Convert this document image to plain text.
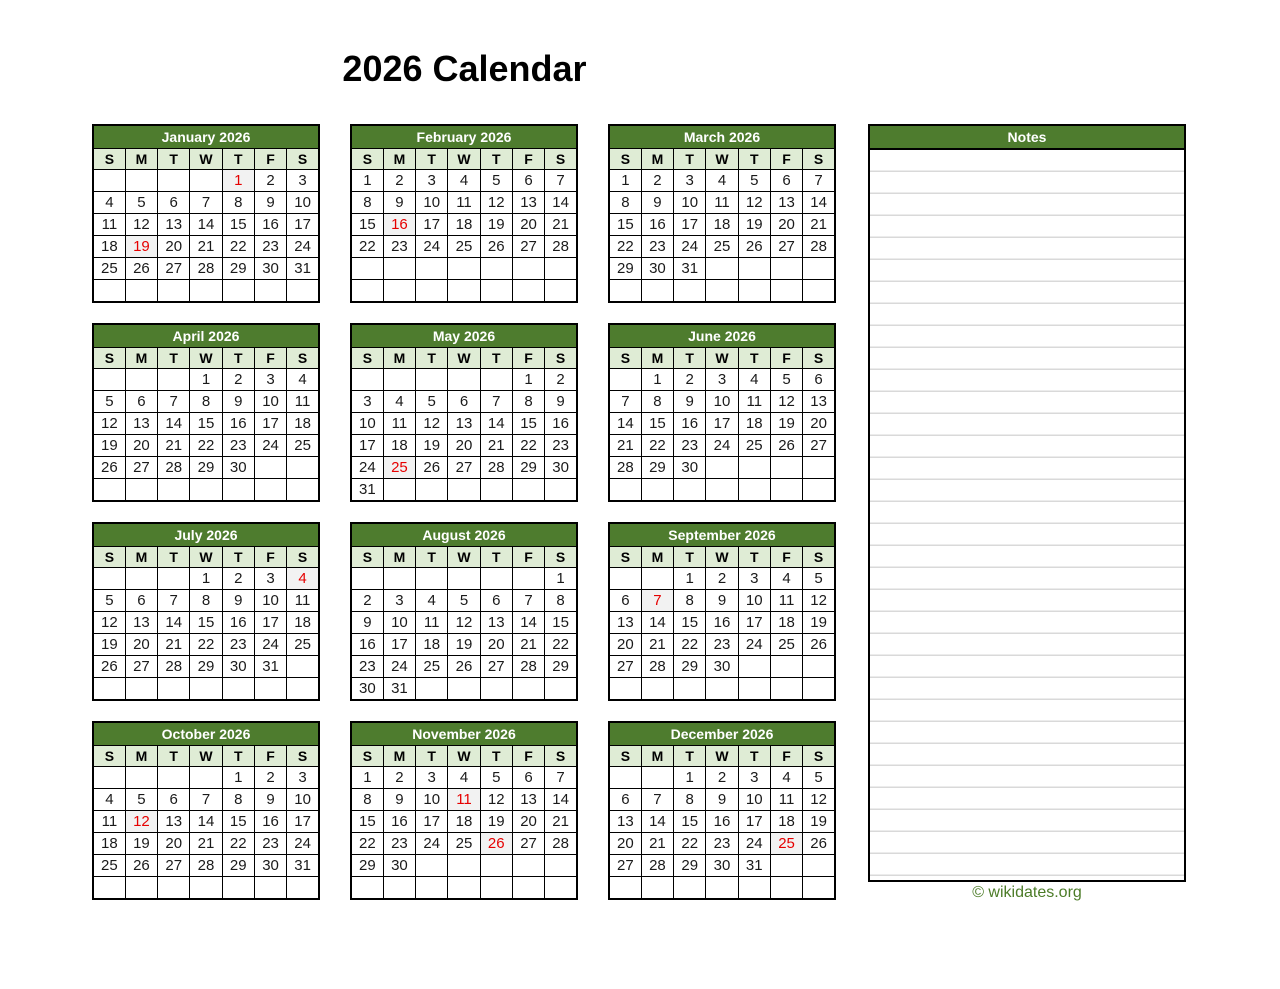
2026 Calendar
January 2026						
S	M	T	W	T	F	S
				1	2	3
4	5	6	7	8	9	10
11	12	13	14	15	16	17
18	19	20	21	22	23	24
25	26	27	28	29	30	31

February 2026						
S	M	T	W	T	F	S
1	2	3	4	5	6	7
8	9	10	11	12	13	14
15	16	17	18	19	20	21
22	23	24	25	26	27	28

March 2026						
S	M	T	W	T	F	S
1	2	3	4	5	6	7
8	9	10	11	12	13	14
15	16	17	18	19	20	21
22	23	24	25	26	27	28
29	30	31				

April 2026						
S	M	T	W	T	F	S
			1	2	3	4
5	6	7	8	9	10	11
12	13	14	15	16	17	18
19	20	21	22	23	24	25
26	27	28	29	30		

May 2026						
S	M	T	W	T	F	S
					1	2
3	4	5	6	7	8	9
10	11	12	13	14	15	16
17	18	19	20	21	22	23
24	25	26	27	28	29	30
31						
June 2026						
S	M	T	W	T	F	S
	1	2	3	4	5	6
7	8	9	10	11	12	13
14	15	16	17	18	19	20
21	22	23	24	25	26	27
28	29	30				

July 2026						
S	M	T	W	T	F	S
			1	2	3	4
5	6	7	8	9	10	11
12	13	14	15	16	17	18
19	20	21	22	23	24	25
26	27	28	29	30	31	

August 2026						
S	M	T	W	T	F	S
						1
2	3	4	5	6	7	8
9	10	11	12	13	14	15
16	17	18	19	20	21	22
23	24	25	26	27	28	29
30	31					
September 2026						
S	M	T	W	T	F	S
		1	2	3	4	5
6	7	8	9	10	11	12
13	14	15	16	17	18	19
20	21	22	23	24	25	26
27	28	29	30			

October 2026						
S	M	T	W	T	F	S
				1	2	3
4	5	6	7	8	9	10
11	12	13	14	15	16	17
18	19	20	21	22	23	24
25	26	27	28	29	30	31

November 2026						
S	M	T	W	T	F	S
1	2	3	4	5	6	7
8	9	10	11	12	13	14
15	16	17	18	19	20	21
22	23	24	25	26	27	28
29	30					

December 2026						
S	M	T	W	T	F	S
		1	2	3	4	5
6	7	8	9	10	11	12
13	14	15	16	17	18	19
20	21	22	23	24	25	26
27	28	29	30	31		

Notes
© wikidates.org
